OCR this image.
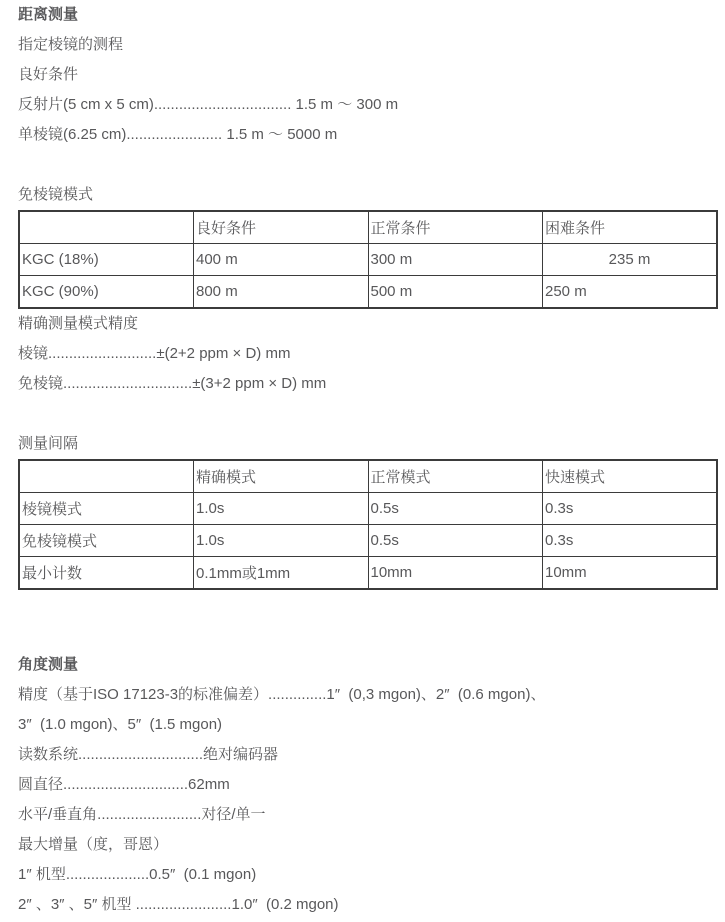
距离测量

指定棱镜的测程

良好条件

反射片(5 cm x 5 cm)................................. 1.5 m ～ 300 m

单棱镜(6.25 cm)....................... 1.5 m ～ 5000 m

免棱镜模式

	良好条件	正常条件	困难条件
KGC (18%)	400 m	300 m	235 m
KGC (90%)	800 m	500 m	250 m

精确测量模式精度

棱镜..........................±(2+2 ppm × D) mm

免棱镜...............................±(3+2 ppm × D) mm

测量间隔

	精确模式	正常模式	快速模式
棱镜模式	1.0s	0.5s	0.3s
免棱镜模式	1.0s	0.5s	0.3s
最小计数	0.1mm或1mm	10mm	10mm

角度测量

精度（基于ISO 17123-3的标准偏差）..............1″  (0,3 mgon)、2″  (0.6 mgon)、

3″  (1.0 mgon)、5″  (1.5 mgon)

读数系统..............................绝对编码器

圆直径..............................62mm

水平/垂直角.........................对径/单一

最大增量（度，哥恩）

1″ 机型....................0.5″  (0.1 mgon)

2″ 、3″ 、5″ 机型 .......................1.0″  (0.2 mgon)
